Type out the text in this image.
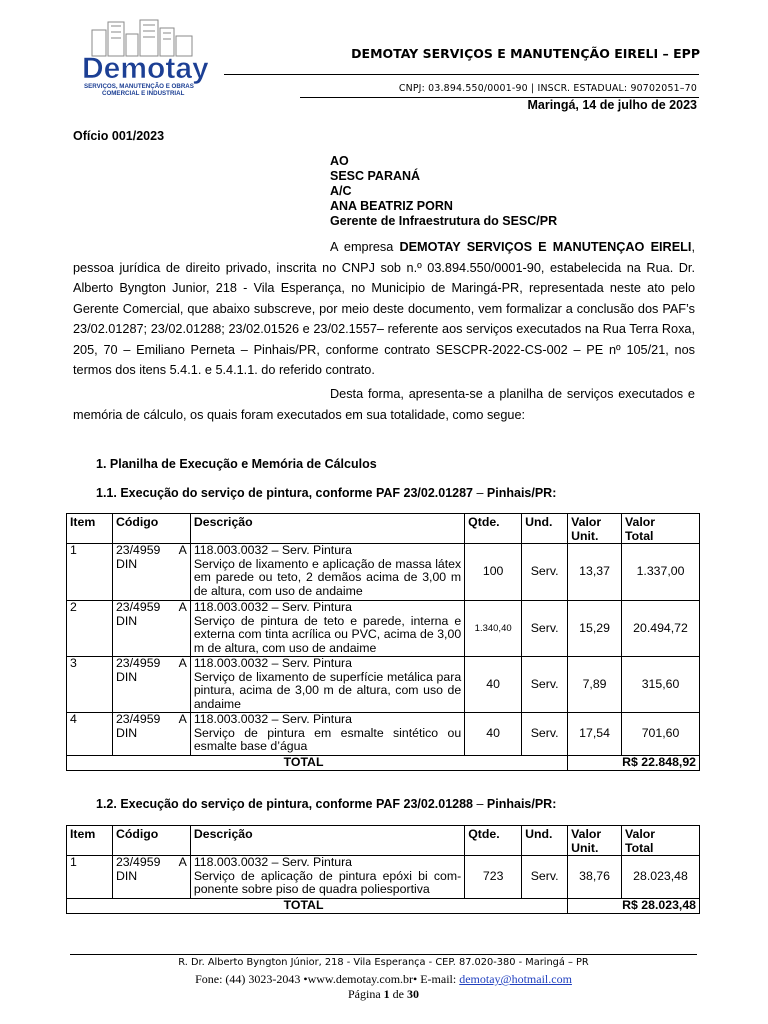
Demotay
SERVIÇOS, MANUTENÇÃO E OBRAS
COMERCIAL E INDUSTRIAL
DEMOTAY SERVIÇOS E MANUTENÇÃO EIRELI – EPP
CNPJ: 03.894.550/0001-90 | INSCR. ESTADUAL: 90702051–70
Maringá, 14 de julho de 2023
Ofício 001/2023
AO
SESC PARANÁ
A/C
ANA BEATRIZ PORN
Gerente de Infraestrutura do SESC/PR
A empresa DEMOTAY SERVIÇOS E MANUTENÇAO EIRELI, pessoa jurídica de direito privado, inscrita no CNPJ sob n.º 03.894.550/0001-90, estabelecida na Rua. Dr. Alberto Byngton Junior, 218 - Vila Esperança, no Municipio de Maringá-PR, representada neste ato pelo Gerente Comercial, que abaixo subscreve, por meio deste documento, vem formalizar a conclusão dos PAF’s 23/02.01287; 23/02.01288; 23/02.01526 e 23/02.1557– referente aos serviços executados na Rua Terra Roxa, 205, 70 – Emiliano Perneta – Pinhais/PR, conforme contrato SESCPR-2022-CS-002 – PE nº 105/21, nos termos dos itens 5.4.1. e 5.4.1.1. do referido contrato.
Desta forma, apresenta-se a planilha de serviços executados e memória de cálculo, os quais foram executados em sua totalidade, como segue:
1. Planilha de Execução e Memória de Cálculos
1.1. Execução do serviço de pintura, conforme PAF 23/02.01287 – Pinhais/PR:
Item	Código	Descrição	Qtde.	Und.	Valor
Unit.	Valor
Total
1	23/4959 A DIN	118.003.0032 – Serv. Pintura
Serviço de lixamento e aplicação de massa látex em parede ou teto, 2 demãos acima de 3,00 m de altura, com uso de andaime	100	Serv.	13,37	1.337,00
2	23/4959 A DIN	118.003.0032 – Serv. Pintura
Serviço de pintura de teto e parede, interna e externa com tinta acrílica ou PVC, acima de 3,00 m de altura, com uso de andaime	1.340,40	Serv.	15,29	20.494,72
3	23/4959 A DIN	118.003.0032 – Serv. Pintura
Serviço de lixamento de superfície metálica para pintura, acima de 3,00 m de altura, com uso de andaime	40	Serv.	7,89	315,60
4	23/4959 A DIN	118.003.0032 – Serv. Pintura
Serviço de pintura em esmalte sintético ou esmalte base d’água	40	Serv.	17,54	701,60
TOTAL					R$ 22.848,92	
1.2. Execução do serviço de pintura, conforme PAF 23/02.01288 – Pinhais/PR:
Item	Código	Descrição	Qtde.	Und.	Valor
Unit.	Valor
Total
1	23/4959 A DIN	118.003.0032 – Serv. Pintura
Serviço de aplicação de pintura epóxi bi com-ponente sobre piso de quadra poliesportiva	723	Serv.	38,76	28.023,48
TOTAL					R$ 28.023,48	
R. Dr. Alberto Byngton Júnior, 218 - Vila Esperança - CEP. 87.020-380 - Maringá – PR
Fone: (44) 3023-2043 •www.demotay.com.br• E-mail: demotay@hotmail.com
Página 1 de 30
